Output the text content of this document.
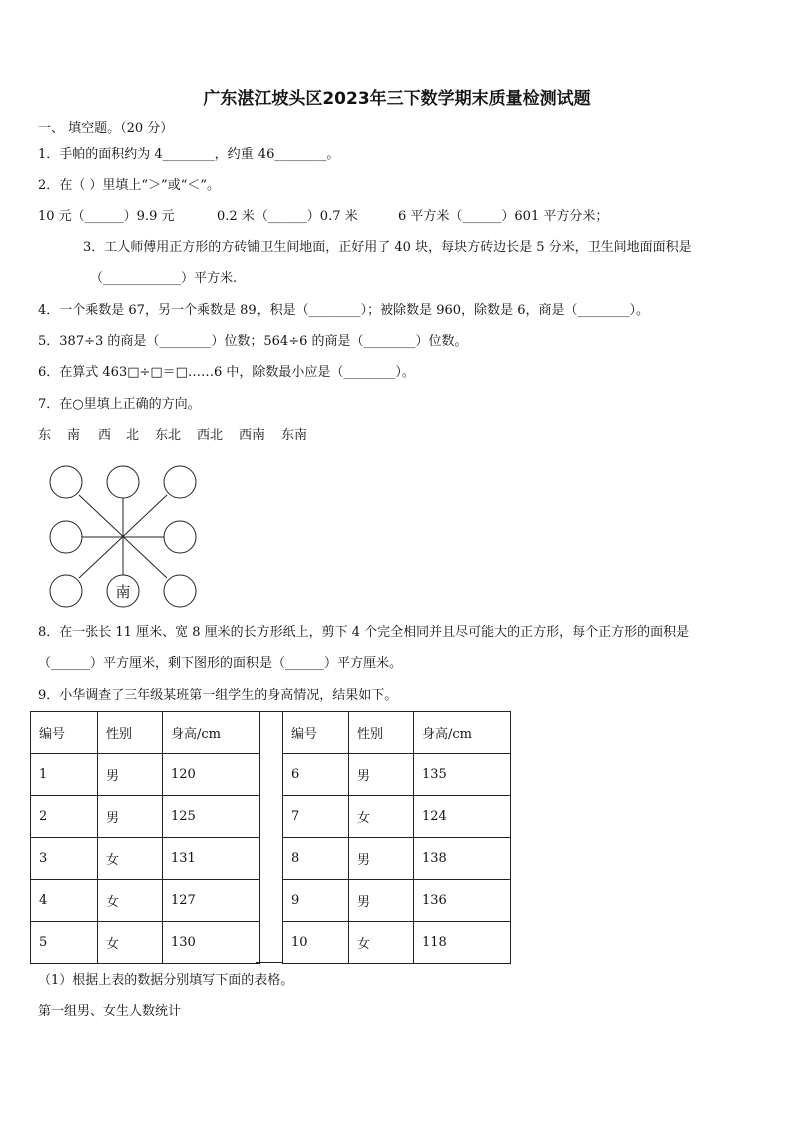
广东湛江坡头区2023年三下数学期末质量检测试题
一、 填空题。（20 分）
1．手帕的面积约为 4________，约重 46________。
2．在（ ）里填上“＞”或“＜”。
10 元（______）9.9 元	0.2 米（______）0.7 米	6 平方米（______）601 平方分米；
3．工人师傅用正方形的方砖铺卫生间地面，正好用了 40 块，每块方砖边长是 5 分米，卫生间地面面积是
（____________）平方米.
4．一个乘数是 67，另一个乘数是 89，积是（________）；被除数是 960，除数是 6，商是（________）。
5．387÷3 的商是（________）位数；564÷6 的商是（________）位数。
6．在算式 463□÷□＝□……6 中，除数最小应是（________）。
7．在○里填上正确的方向。
东 南 西 北 东北 西北 西南 东南
南
8．在一张长 11 厘米、宽 8 厘米的长方形纸上，剪下 4 个完全相同并且尽可能大的正方形，每个正方形的面积是
（______）平方厘米，剩下图形的面积是（______）平方厘米。
9．小华调查了三年级某班第一组学生的身高情况，结果如下。
编号	性别	身高/cm
1	男	120
2	男	125
3	女	131
4	女	127
5	女	130
编号	性别	身高/cm
6	男	135
7	女	124
8	男	138
9	男	136
10	女	118
（1）根据上表的数据分别填写下面的表格。
第一组男、女生人数统计
